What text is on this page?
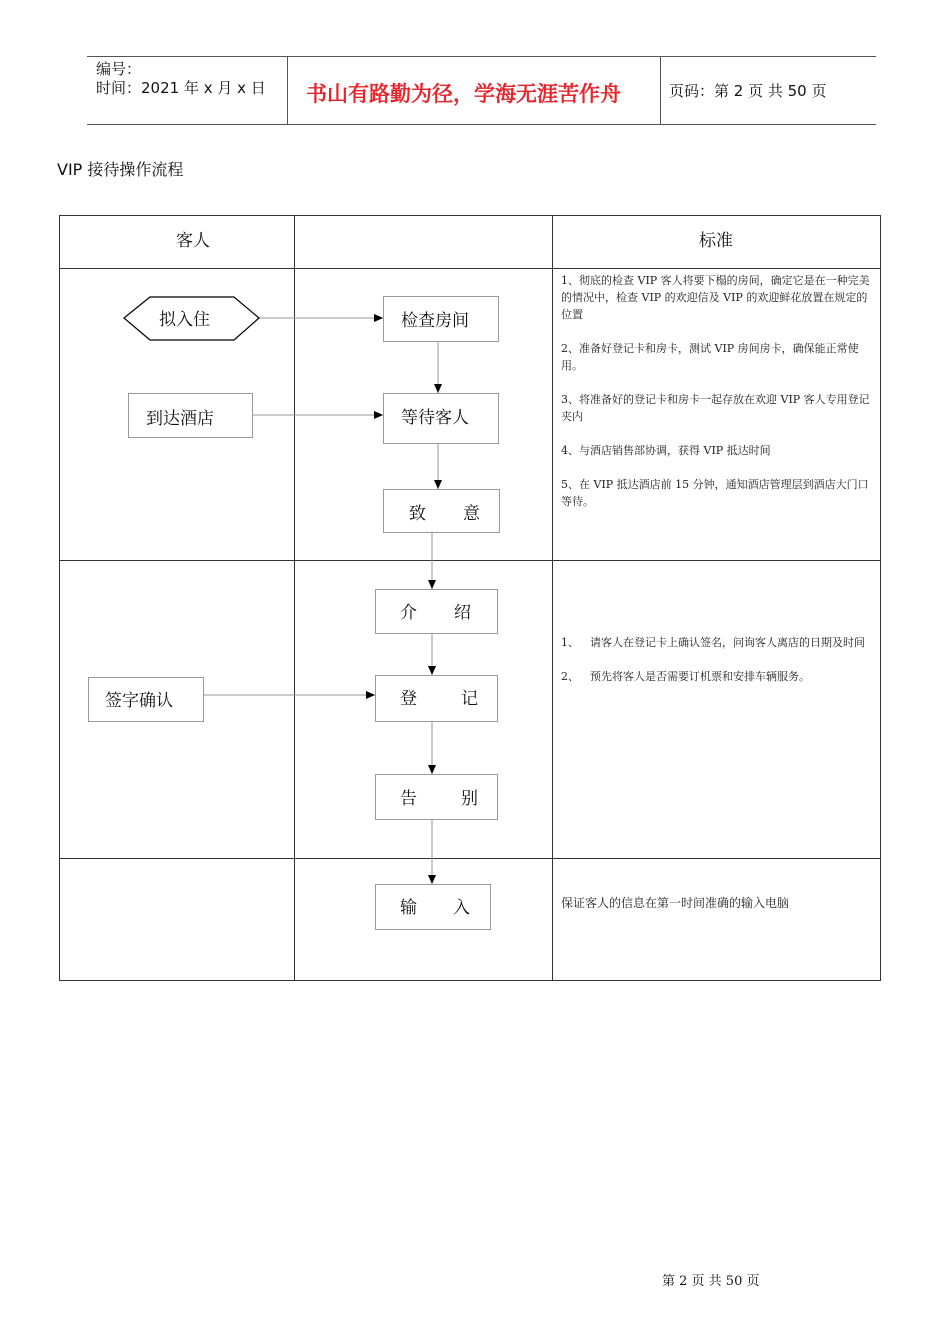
编号：
时间：2021 年 x 月 x 日 书山有路勤为径，学海无涯苦作舟	页码：第 2 页 共 50 页
VIP 接待操作流程
客人	标准
拟入住
到达酒店
签字确认
检查房间
等待客人
致 意
介 绍
登	记
告	别
输 入

1、彻底的检查 VIP 客人将要下榻的房间，确定它是在一种完美的情况中，检查 VIP 的欢迎信及 VIP 的欢迎鲜花放置在规定的位置

2、准备好登记卡和房卡，测试 VIP 房间房卡，确保能正常使用。

3、将准备好的登记卡和房卡一起存放在欢迎 VIP 客人专用登记夹内

4、与酒店销售部协调，获得 VIP 抵达时间

5、在 VIP 抵达酒店前 15 分钟，通知酒店管理层到酒店大门口等待。

1、 请客人在登记卡上确认签名，问询客人离店的日期及时间
2、 预先将客人是否需要订机票和安排车辆服务。
保证客人的信息在第一时间准确的输入电脑
第 2 页 共 50 页
